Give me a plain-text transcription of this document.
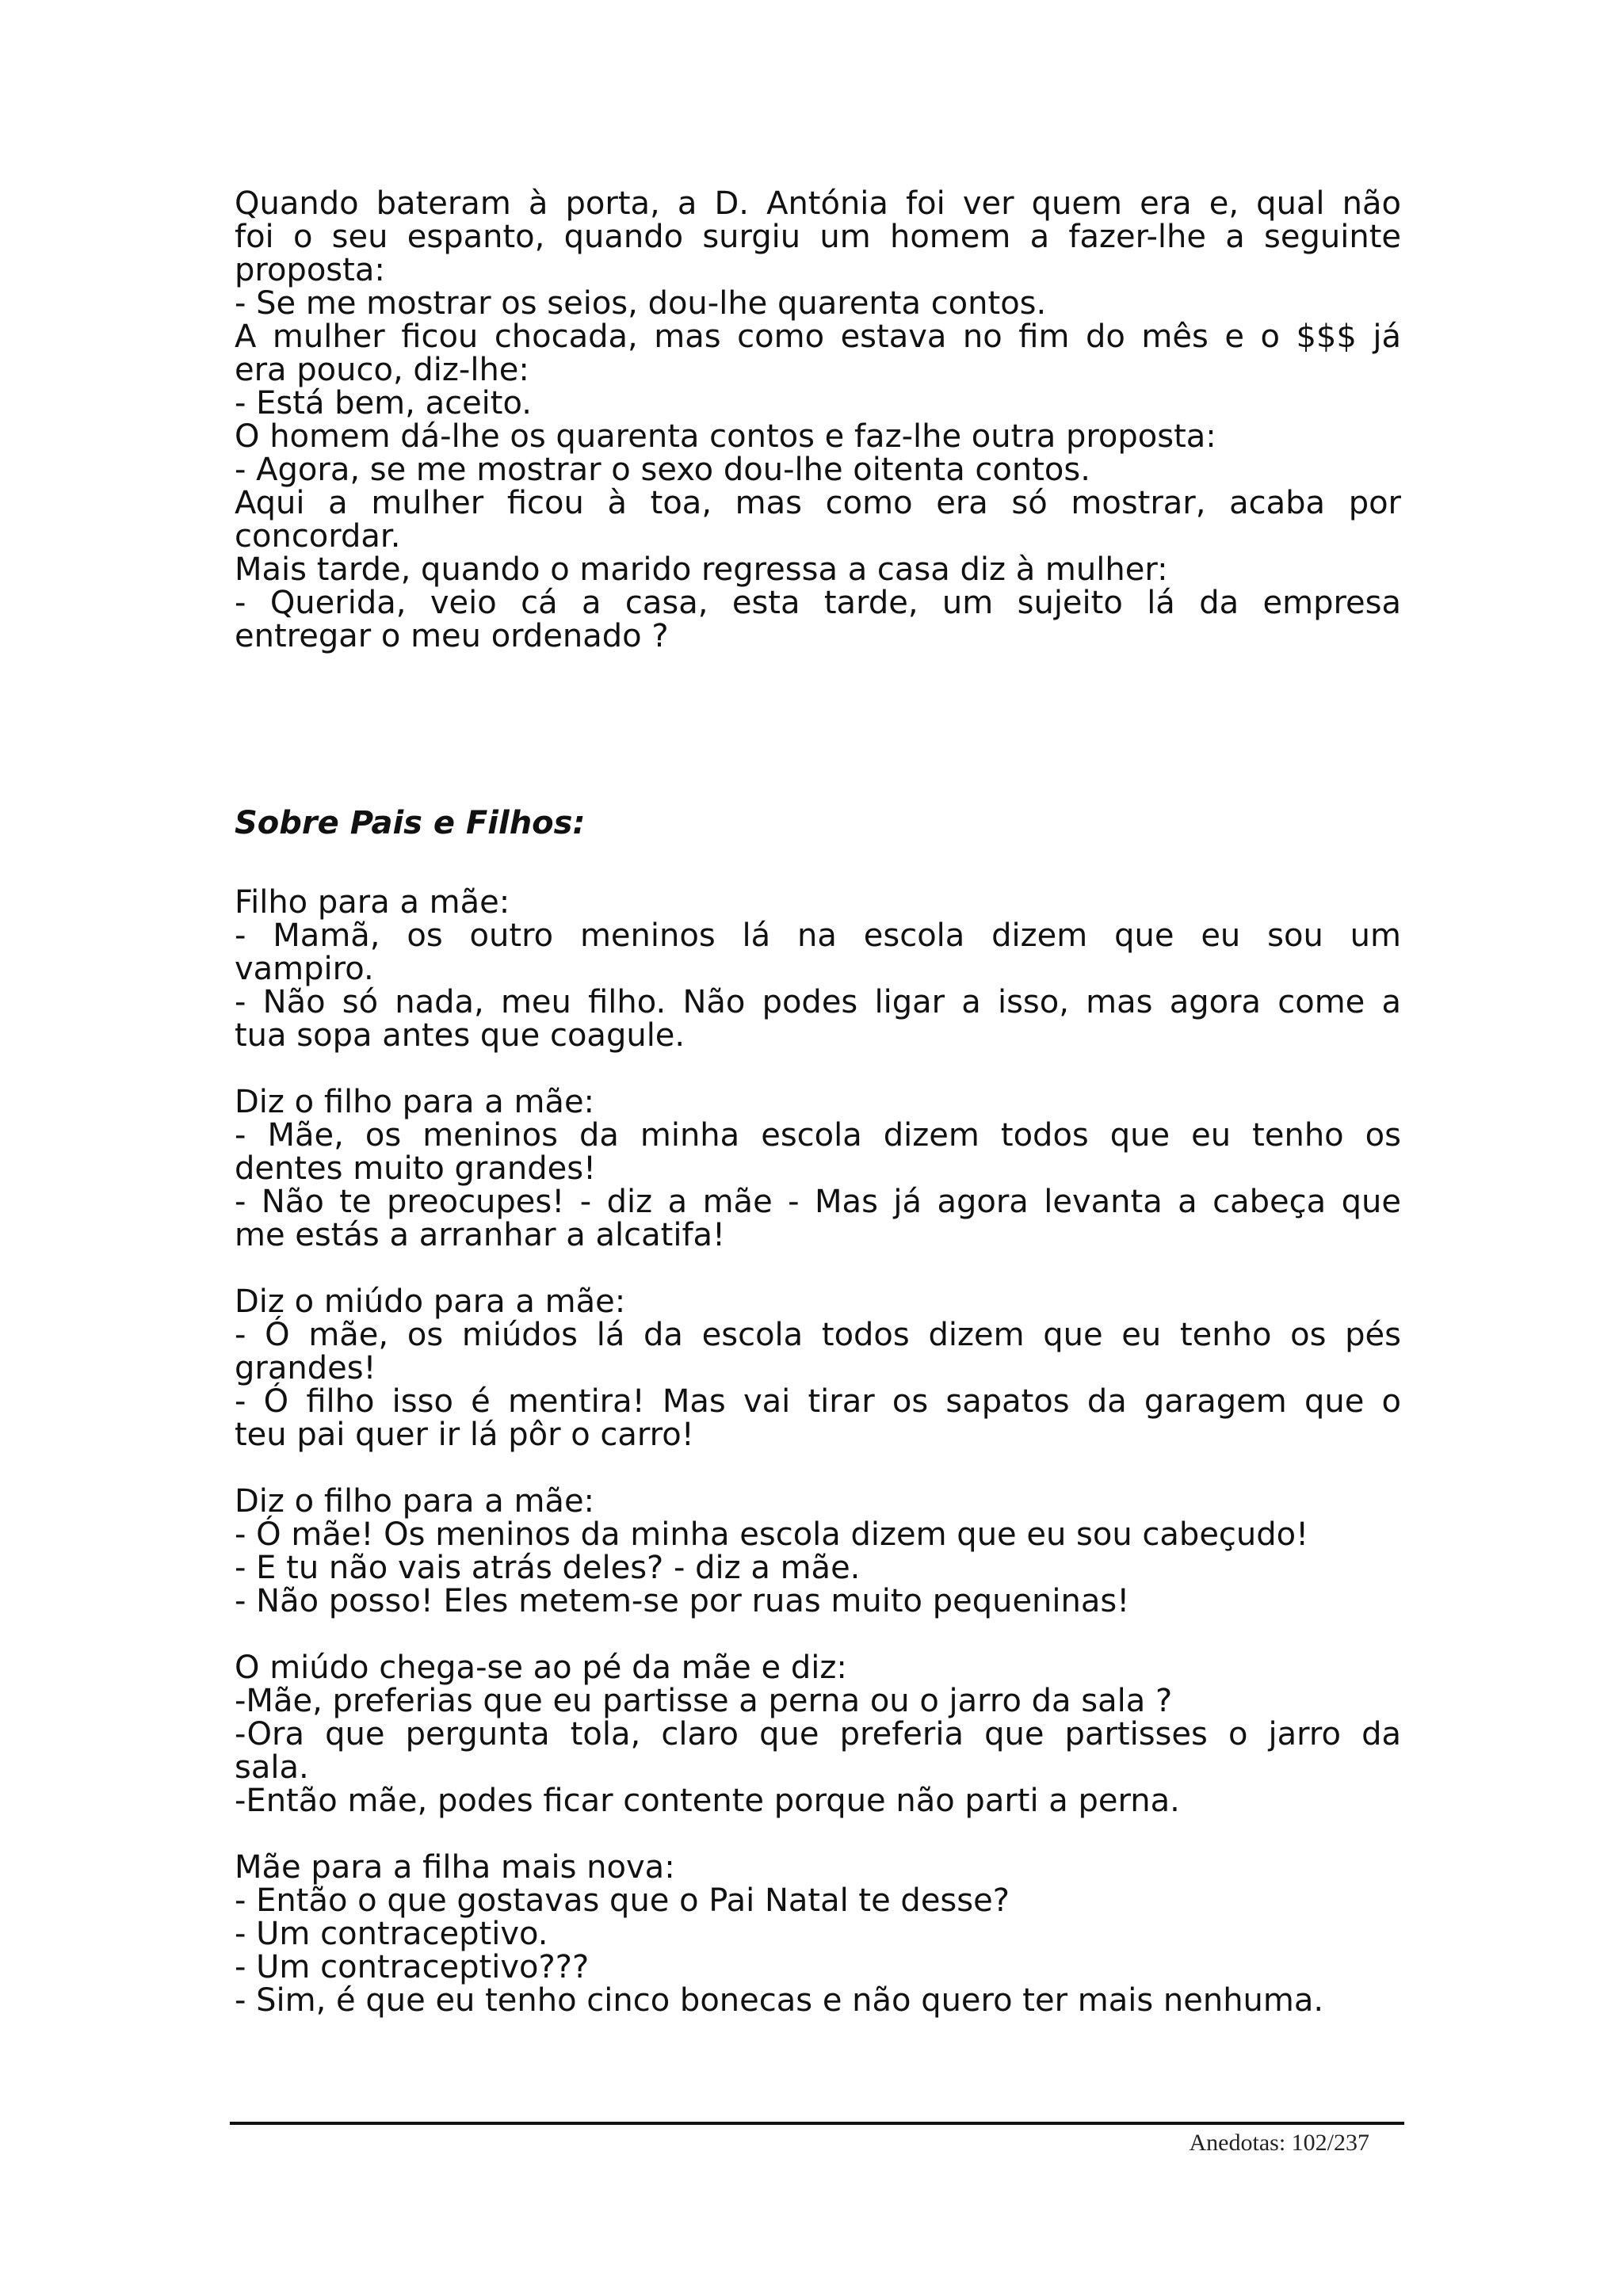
Quando bateram à porta, a D. Antónia foi ver quem era e, qual não
foi o seu espanto, quando surgiu um homem a fazer-lhe a seguinte
proposta:
- Se me mostrar os seios, dou-lhe quarenta contos.
A mulher ficou chocada, mas como estava no fim do mês e o $$$ já
era pouco, diz-lhe:
- Está bem, aceito.
O homem dá-lhe os quarenta contos e faz-lhe outra proposta:
- Agora, se me mostrar o sexo dou-lhe oitenta contos.
Aqui a mulher ficou à toa, mas como era só mostrar, acaba por
concordar.
Mais tarde, quando o marido regressa a casa diz à mulher:
- Querida, veio cá a casa, esta tarde, um sujeito lá da empresa
entregar o meu ordenado ?
Sobre Pais e Filhos:
Filho para a mãe:
- Mamã, os outro meninos lá na escola dizem que eu sou um
vampiro.
- Não só nada, meu filho. Não podes ligar a isso, mas agora come a
tua sopa antes que coagule.
Diz o filho para a mãe:
- Mãe, os meninos da minha escola dizem todos que eu tenho os
dentes muito grandes!
- Não te preocupes! - diz a mãe - Mas já agora levanta a cabeça que
me estás a arranhar a alcatifa!
Diz o miúdo para a mãe:
- Ó mãe, os miúdos lá da escola todos dizem que eu tenho os pés
grandes!
- Ó filho isso é mentira! Mas vai tirar os sapatos da garagem que o
teu pai quer ir lá pôr o carro!
Diz o filho para a mãe:
- Ó mãe! Os meninos da minha escola dizem que eu sou cabeçudo!
- E tu não vais atrás deles? - diz a mãe.
- Não posso! Eles metem-se por ruas muito pequeninas!
O miúdo chega-se ao pé da mãe e diz:
-Mãe, preferias que eu partisse a perna ou o jarro da sala ?
-Ora que pergunta tola, claro que preferia que partisses o jarro da
sala.
-Então mãe, podes ficar contente porque não parti a perna.
Mãe para a filha mais nova:
- Então o que gostavas que o Pai Natal te desse?
- Um contraceptivo.
- Um contraceptivo???
- Sim, é que eu tenho cinco bonecas e não quero ter mais nenhuma.
Anedotas: 102/237
